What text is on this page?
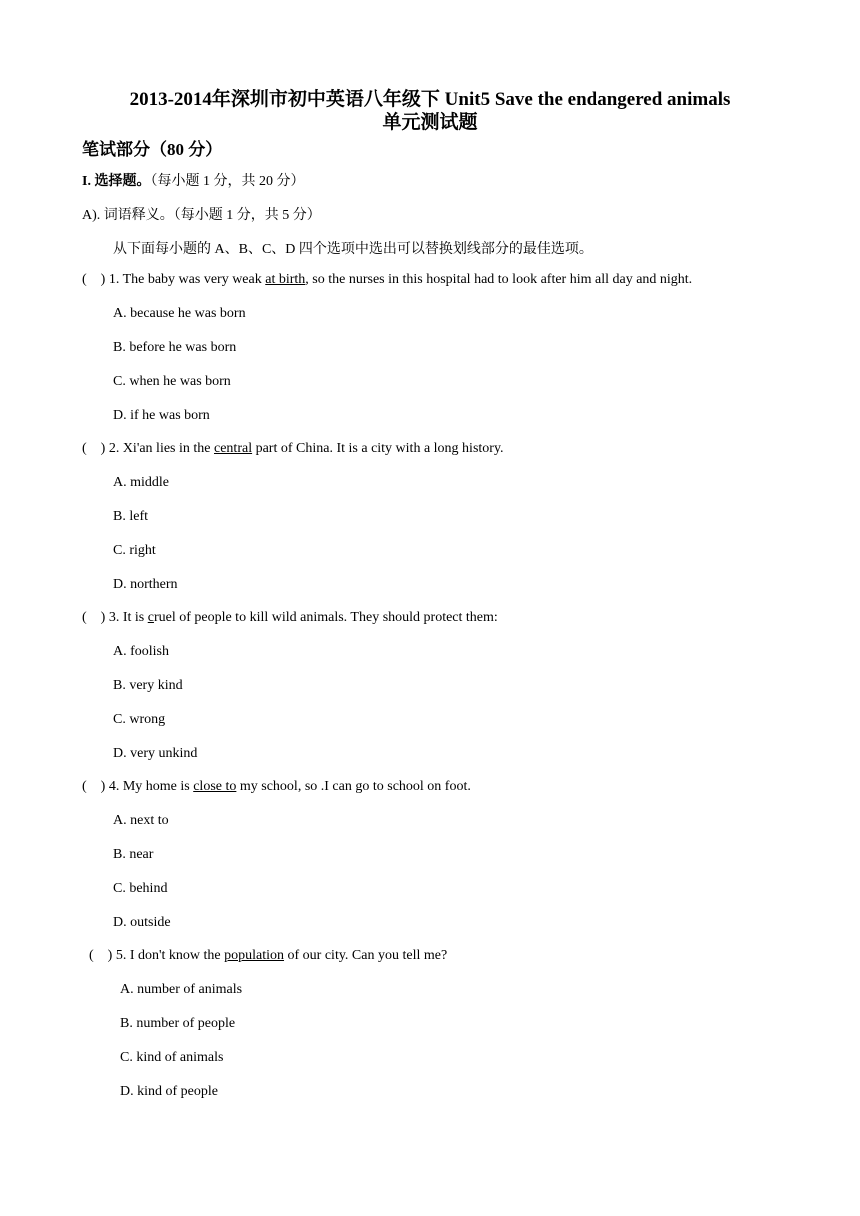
2013-2014年深圳市初中英语八年级下 Unit5 Save the endangered animals
单元测试题
笔试部分（80 分）
I. 选择题。（每小题 1 分，共 20 分）
A). 词语释义。（每小题 1 分，共 5 分）
从下面每小题的 A、B、C、D 四个选项中选出可以替换划线部分的最佳选项。
(    ) 1. The baby was very weak at birth, so the nurses in this hospital had to look after him all day and night.
A. because he was born
B. before he was born
C. when he was born
D. if he was born
(    ) 2. Xi'an lies in the central part of China. It is a city with a long history.
A. middle
B. left
C. right
D. northern
(    ) 3. It is cruel of people to kill wild animals. They should protect them:
A. foolish
B. very kind
C. wrong
D. very unkind
(    ) 4. My home is close to my school, so .I can go to school on foot.
A. next to
B. near
C. behind
D. outside
(    ) 5. I don't know the population of our city. Can you tell me?
A. number of animals
B. number of people
C. kind of animals
D. kind of people
